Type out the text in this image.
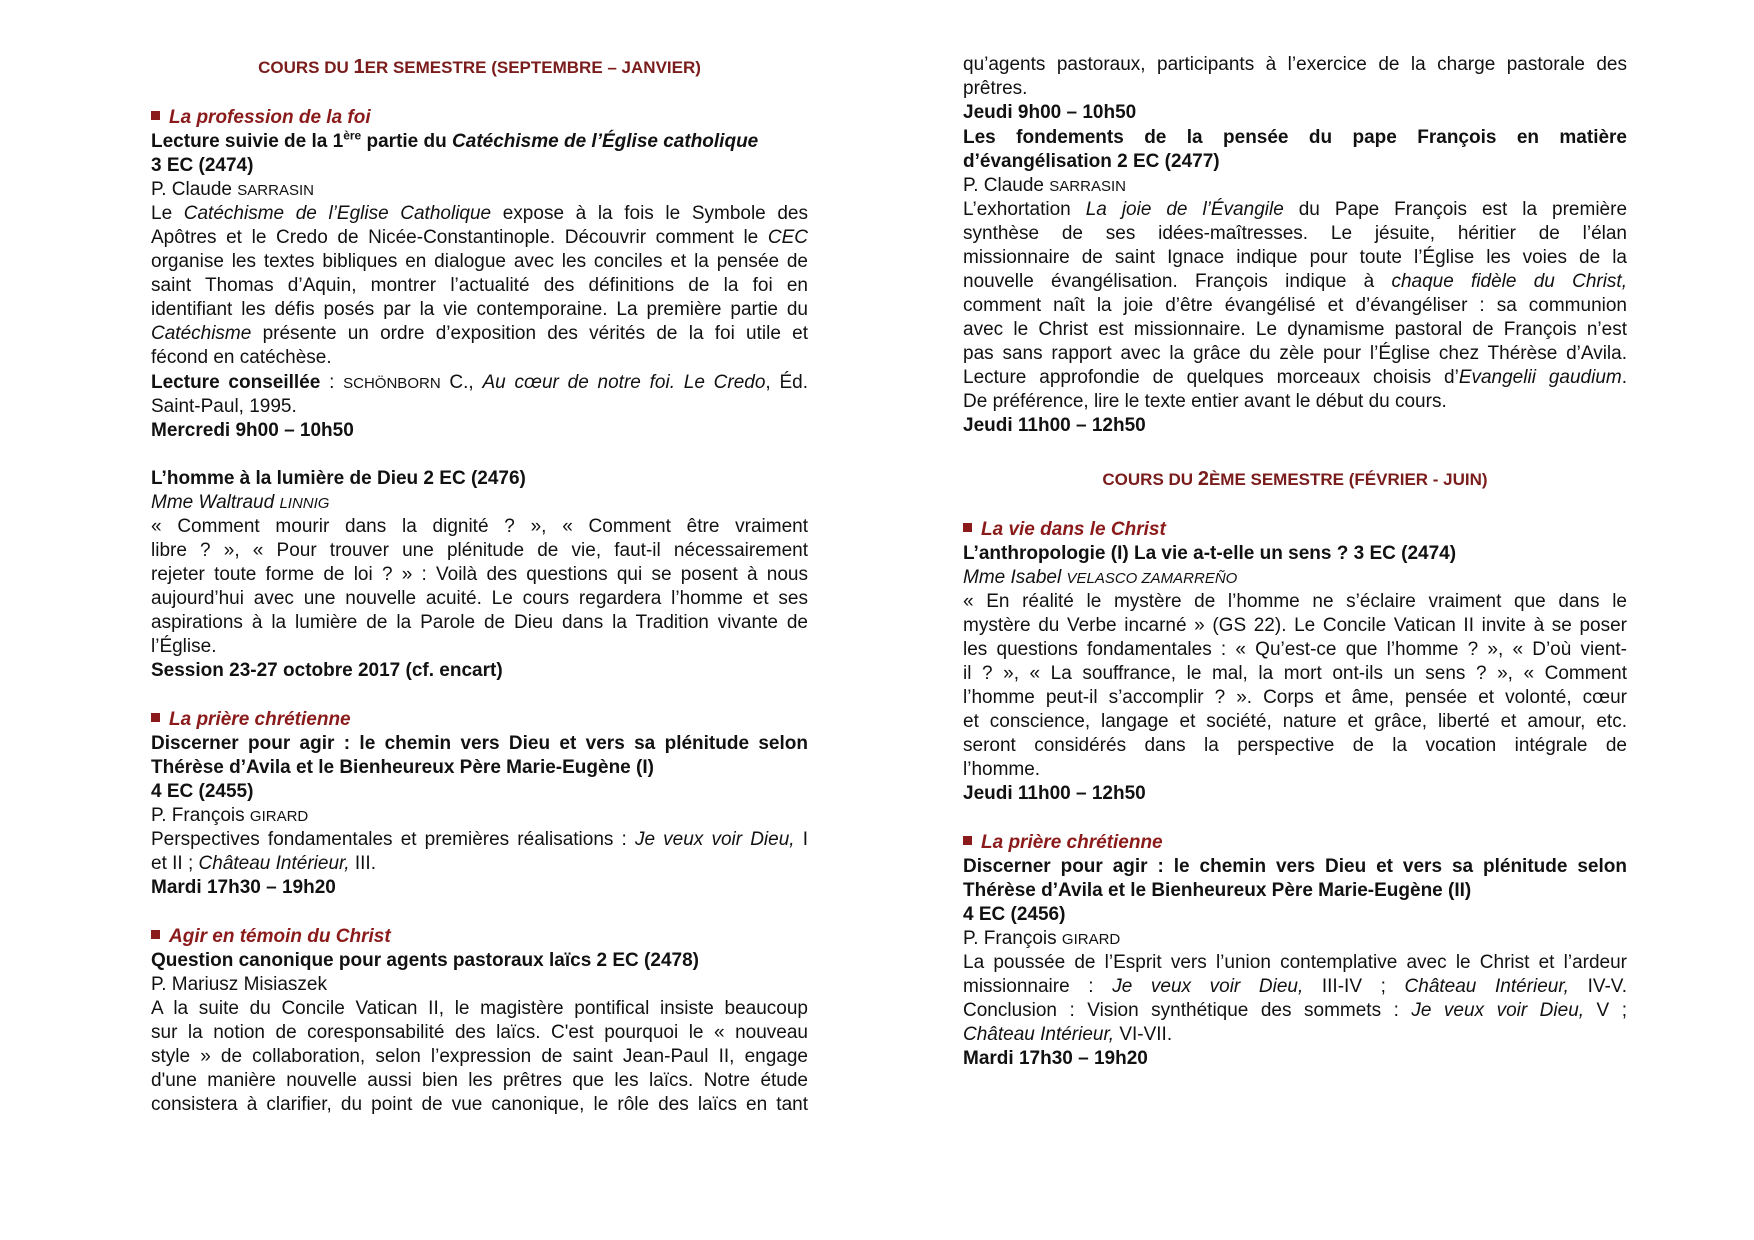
COURS DU 1ER SEMESTRE (SEPTEMBRE – JANVIER)
La profession de la foi
Lecture suivie de la 1ère partie du Catéchisme de l’Église catholique
3 EC (2474)
P. Claude SARRASIN
Le Catéchisme de l’Eglise Catholique expose à la fois le Symbole des
Apôtres et le Credo de Nicée-Constantinople. Découvrir comment le CEC
organise les textes bibliques en dialogue avec les conciles et la pensée de
saint Thomas d’Aquin, montrer l’actualité des définitions de la foi en
identifiant les défis posés par la vie contemporaine. La première partie du
Catéchisme présente un ordre d’exposition des vérités de la foi utile et
fécond en catéchèse.
Lecture conseillée : SCHÖNBORN C., Au cœur de notre foi. Le Credo, Éd.
Saint-Paul, 1995.
Mercredi 9h00 – 10h50
L’homme à la lumière de Dieu 2 EC (2476)
Mme Waltraud LINNIG
« Comment mourir dans la dignité ? », « Comment être vraiment
libre ? », « Pour trouver une plénitude de vie, faut-il nécessairement
rejeter toute forme de loi ? » : Voilà des questions qui se posent à nous
aujourd’hui avec une nouvelle acuité. Le cours regardera l’homme et ses
aspirations à la lumière de la Parole de Dieu dans la Tradition vivante de
l’Église.
Session 23-27 octobre 2017 (cf. encart)
La prière chrétienne
Discerner pour agir : le chemin vers Dieu et vers sa plénitude selon
Thérèse d’Avila et le Bienheureux Père Marie-Eugène (I)
4 EC (2455)
P. François GIRARD
Perspectives fondamentales et premières réalisations : Je veux voir Dieu, I
et II ; Château Intérieur, III.
Mardi 17h30 – 19h20
Agir en témoin du Christ
Question canonique pour agents pastoraux laïcs 2 EC (2478)
P. Mariusz Misiaszek
A la suite du Concile Vatican II, le magistère pontifical insiste beaucoup
sur la notion de coresponsabilité des laïcs. C'est pourquoi le « nouveau
style » de collaboration, selon l’expression de saint Jean-Paul II, engage
d'une manière nouvelle aussi bien les prêtres que les laïcs. Notre étude
consistera à clarifier, du point de vue canonique, le rôle des laïcs en tant
qu’agents pastoraux, participants à l’exercice de la charge pastorale des
prêtres.
Jeudi 9h00 – 10h50
Les fondements de la pensée du pape François en matière
d’évangélisation 2 EC (2477)
P. Claude SARRASIN
L’exhortation La joie de l’Évangile du Pape François est la première
synthèse de ses idées-maîtresses. Le jésuite, héritier de l’élan
missionnaire de saint Ignace indique pour toute l’Église les voies de la
nouvelle évangélisation. François indique à chaque fidèle du Christ,
comment naît la joie d’être évangélisé et d’évangéliser : sa communion
avec le Christ est missionnaire. Le dynamisme pastoral de François n’est
pas sans rapport avec la grâce du zèle pour l’Église chez Thérèse d’Avila.
Lecture approfondie de quelques morceaux choisis d’Evangelii gaudium.
De préférence, lire le texte entier avant le début du cours.
Jeudi 11h00 – 12h50
COURS DU 2ÈME SEMESTRE (FÉVRIER - JUIN)
La vie dans le Christ
L’anthropologie (I) La vie a-t-elle un sens ? 3 EC (2474)
Mme Isabel VELASCO ZAMARREÑO
« En réalité le mystère de l’homme ne s’éclaire vraiment que dans le
mystère du Verbe incarné » (GS 22). Le Concile Vatican II invite à se poser
les questions fondamentales : « Qu’est-ce que l’homme ? », « D’où vient-
il ? », « La souffrance, le mal, la mort ont-ils un sens ? », « Comment
l’homme peut-il s’accomplir ? ». Corps et âme, pensée et volonté, cœur
et conscience, langage et société, nature et grâce, liberté et amour, etc.
seront considérés dans la perspective de la vocation intégrale de
l’homme.
Jeudi 11h00 – 12h50
La prière chrétienne
Discerner pour agir : le chemin vers Dieu et vers sa plénitude selon
Thérèse d’Avila et le Bienheureux Père Marie-Eugène (II)
4 EC (2456)
P. François GIRARD
La poussée de l’Esprit vers l’union contemplative avec le Christ et l’ardeur
missionnaire : Je veux voir Dieu, III-IV ; Château Intérieur, IV-V.
Conclusion : Vision synthétique des sommets : Je veux voir Dieu, V ;
Château Intérieur, VI-VII.
Mardi 17h30 – 19h20
